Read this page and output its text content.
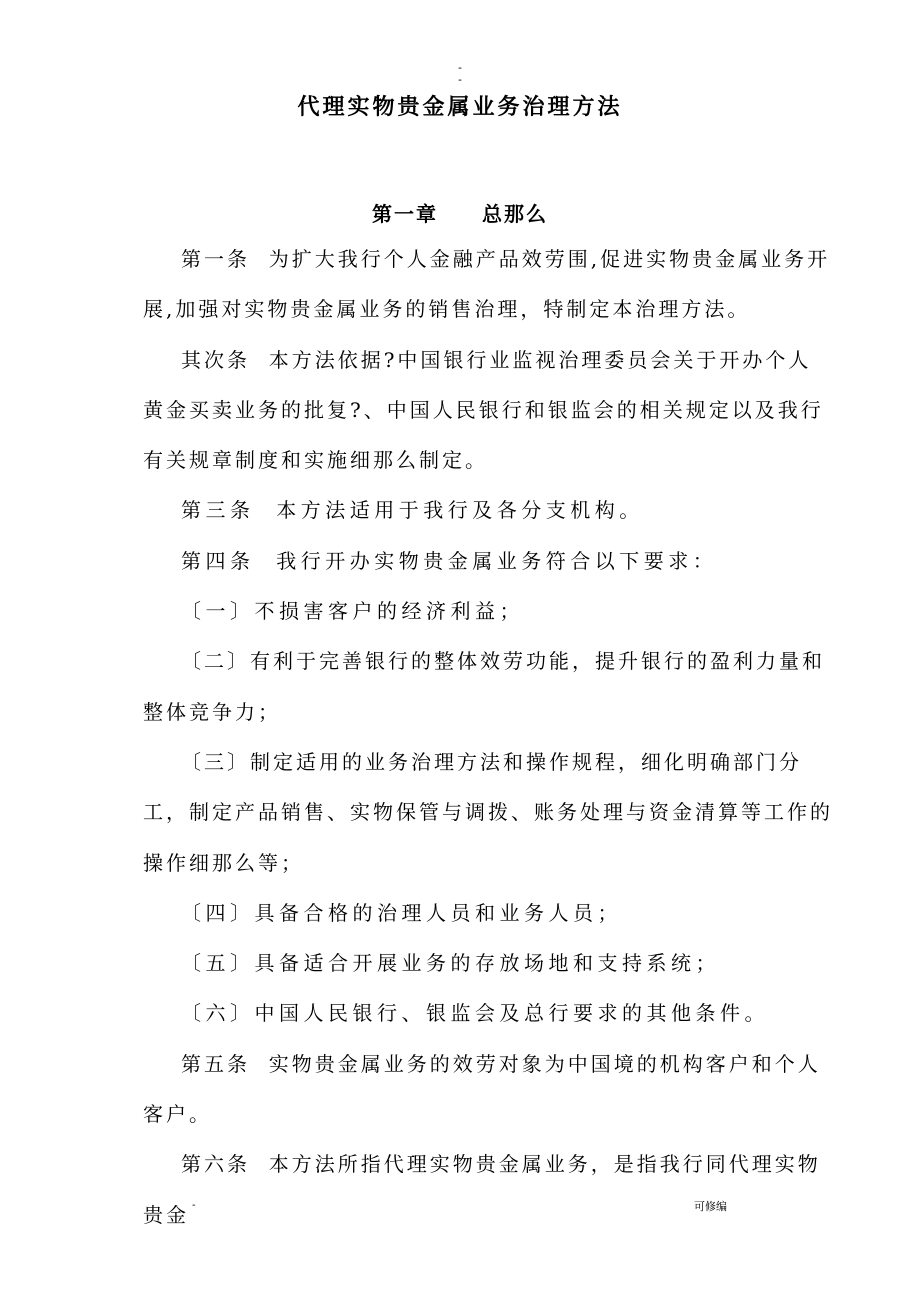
-
-
代理实物贵金属业务治理方法
第一章　　总那么

第一条  为扩大我行个人金融产品效劳围,促进实物贵金属业务开展,加强对实物贵金属业务的销售治理，特制定本治理方法。

其次条  本方法依据?中国银行业监视治理委员会关于开办个人黄金买卖业务的批复?、中国人民银行和银监会的相关规定以及我行有关规章制度和实施细那么制定。

第三条  本方法适用于我行及各分支机构。

第四条  我行开办实物贵金属业务符合以下要求：

〔一〕不损害客户的经济利益；

〔二〕有利于完善银行的整体效劳功能，提升银行的盈利力量和整体竞争力；

〔三〕制定适用的业务治理方法和操作规程，细化明确部门分工，制定产品销售、实物保管与调拨、账务处理与资金清算等工作的操作细那么等；

〔四〕具备合格的治理人员和业务人员；

〔五〕具备适合开展业务的存放场地和支持系统；

〔六〕中国人民银行、银监会及总行要求的其他条件。

第五条  实物贵金属业务的效劳对象为中国境的机构客户和个人客户。

第六条  本方法所指代理实物贵金属业务，是指我行同代理实物贵金 -	可修编
